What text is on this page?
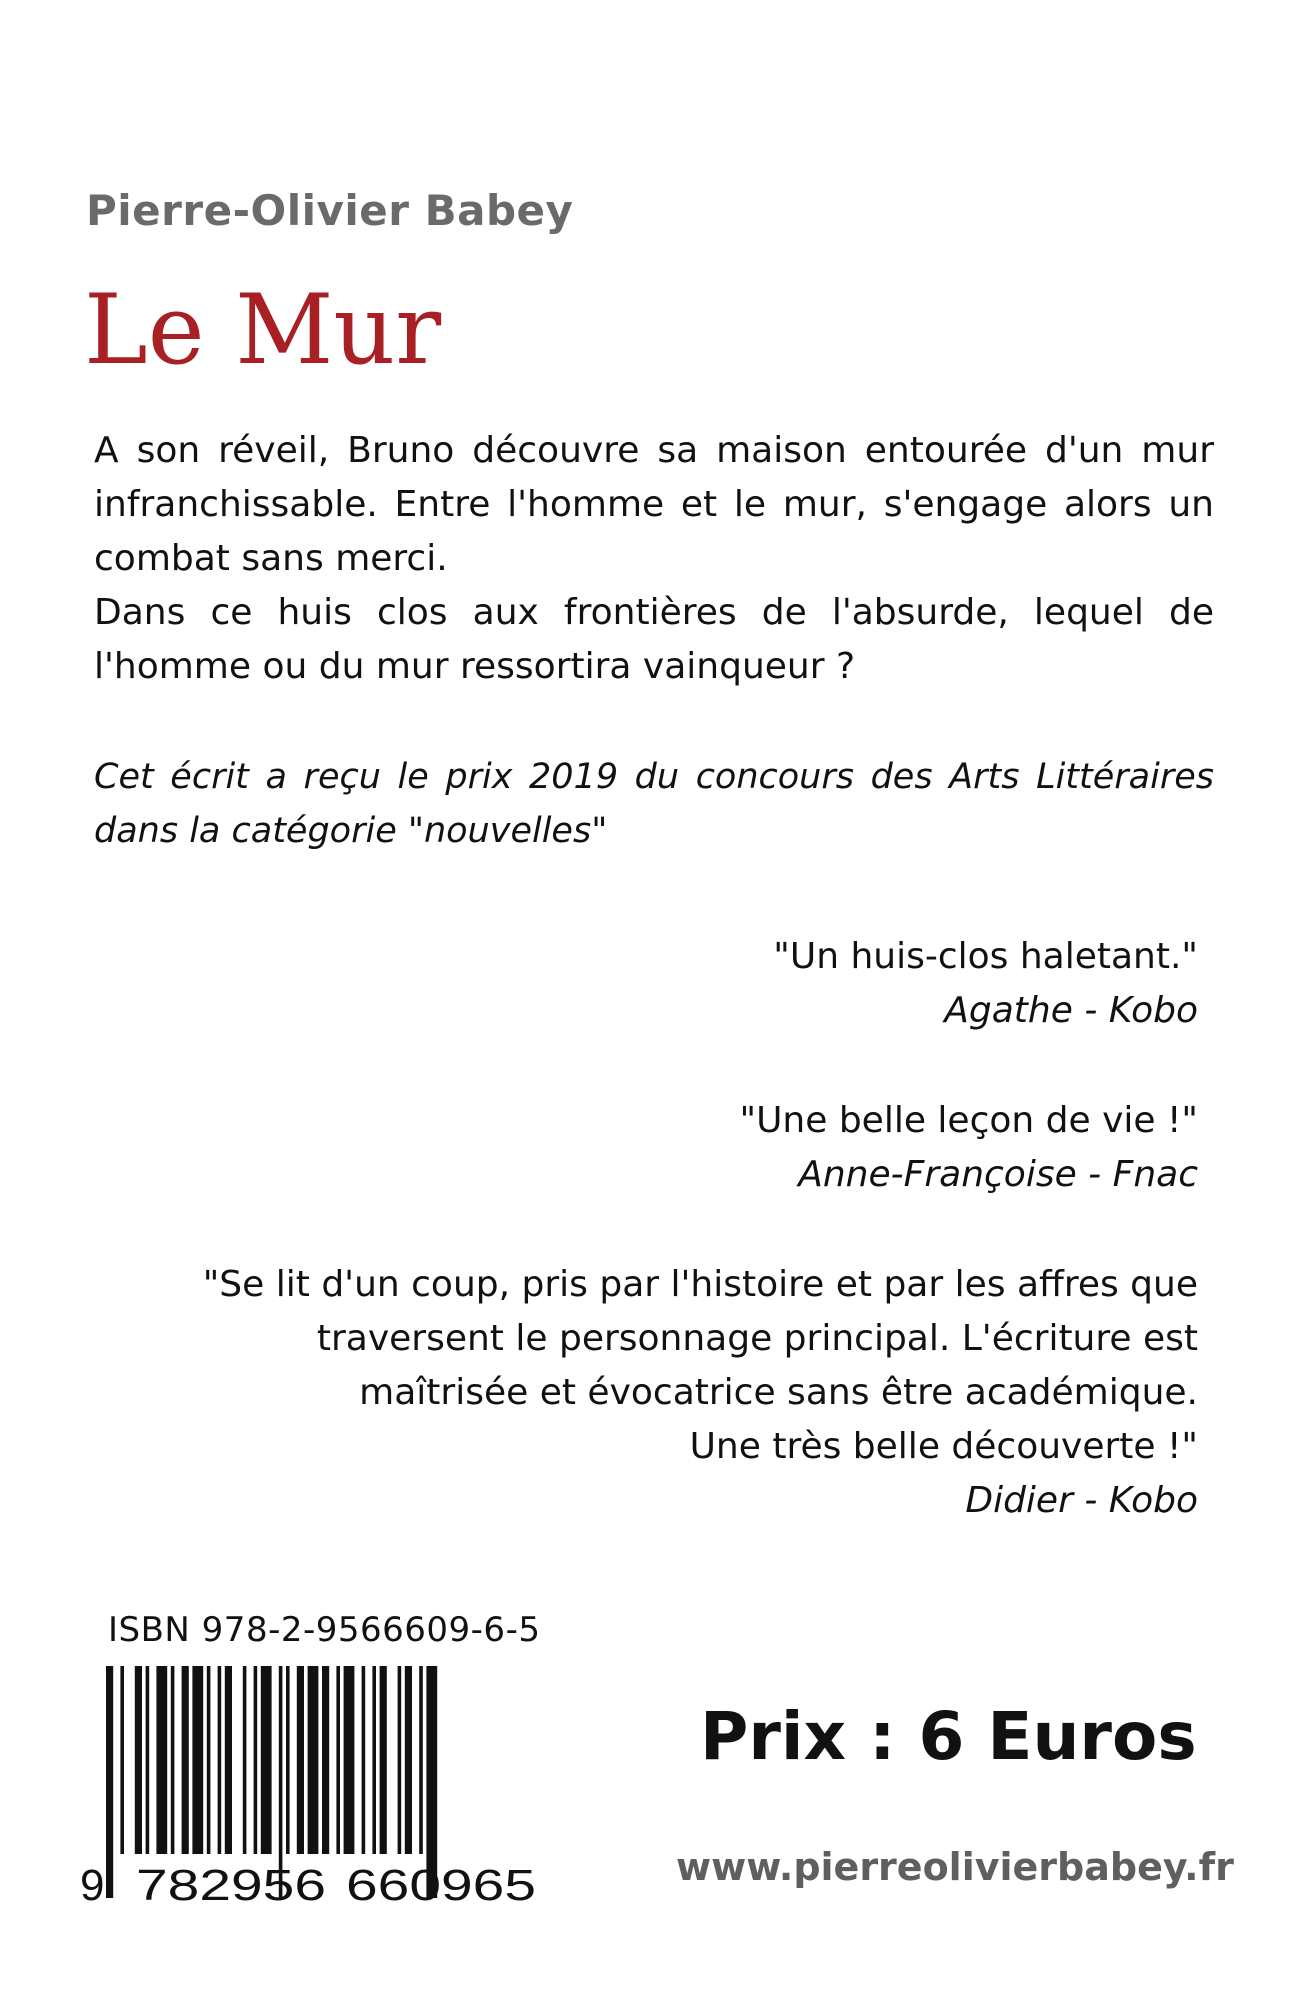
Pierre-Olivier Babey
Le Mur

A son réveil, Bruno découvre sa maison entourée d'un mur infranchissable. Entre l'homme et le mur, s'engage alors un combat sans merci.

Dans ce huis clos aux frontières de l'absurde, lequel de l'homme ou du mur ressortira vainqueur ?

Cet écrit a reçu le prix 2019 du concours des Arts Littéraires dans la catégorie "nouvelles"
"Un huis-clos haletant."
Agathe - Kobo
"Une belle leçon de vie !"
Anne-Françoise - Fnac
"Se lit d'un coup, pris par l'histoire et par les affres que
traversent le personnage principal. L'écriture est
maîtrisée et évocatrice sans être académique.
Une très belle découverte !"
Didier - Kobo
ISBN 978-2-9566609-6-5
9 782956 660965
Prix : 6 Euros
www.pierreolivierbabey.fr
